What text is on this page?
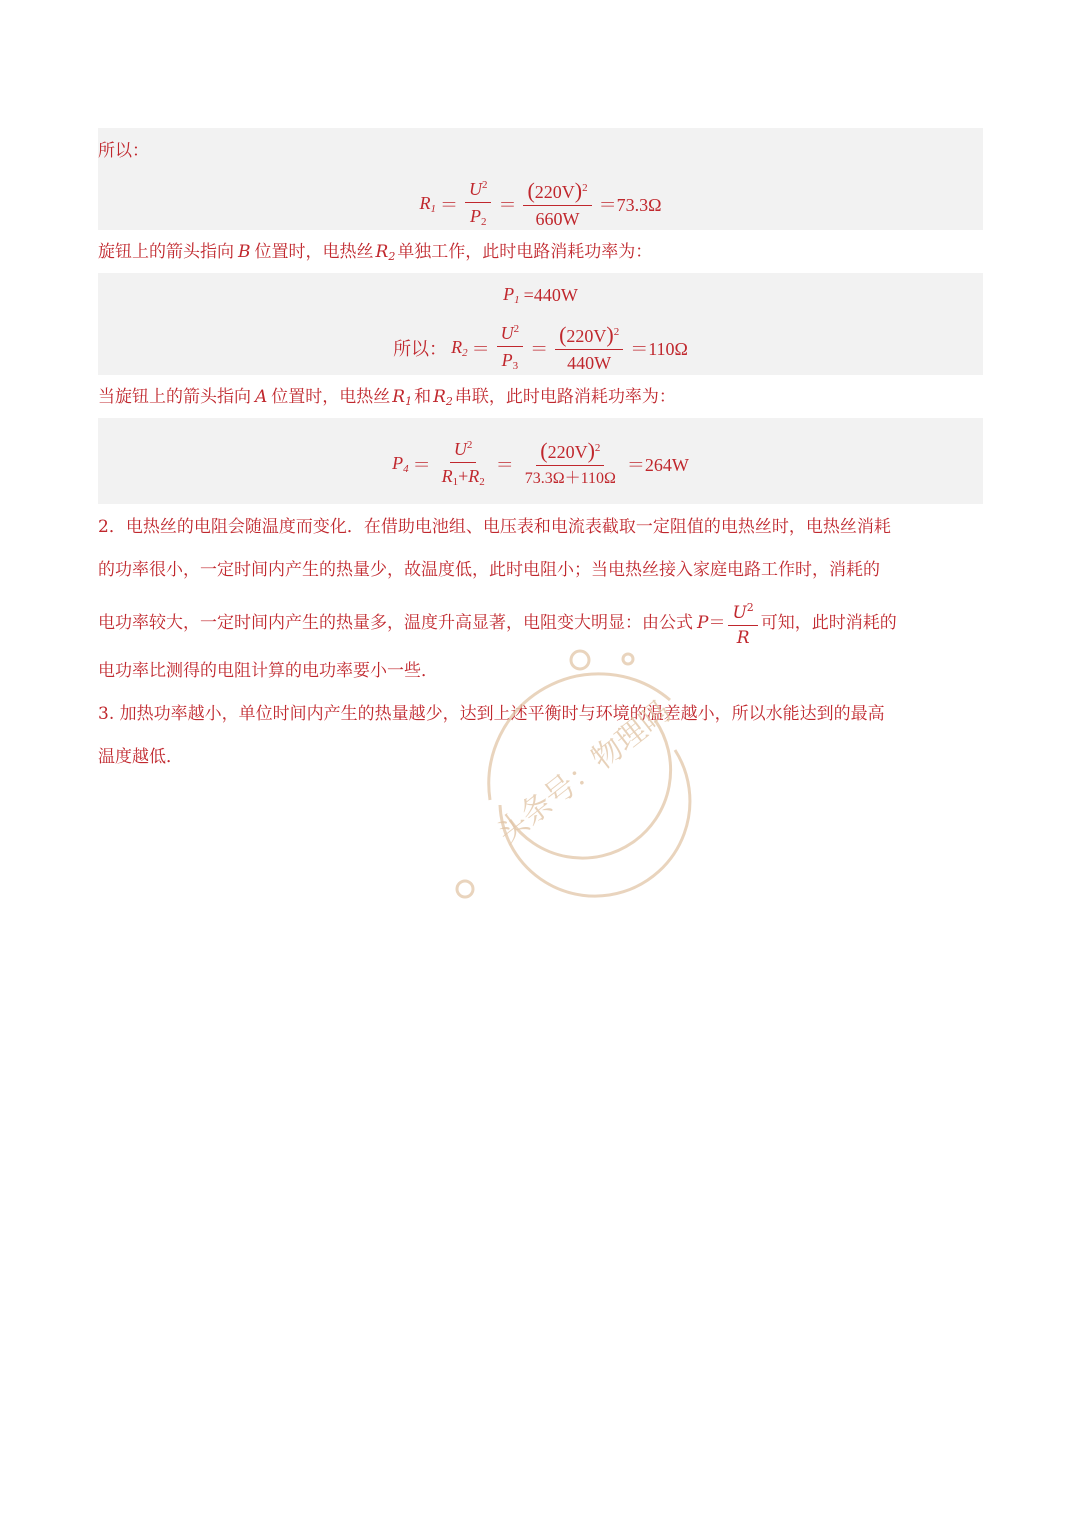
所以：
$R_1 = \frac{U^2}{P_2} = \frac{(220V)^2}{660W} =73.3\Omega$
旋钮上的箭头指向 B 位置时，电热丝 $R_2$ 单独工作，此时电路消耗功率为：
$P_1 =440W$
所以： $R_2 = \frac{U^2}{P_3} = \frac{(220V)^2}{440W} =110\Omega$
当旋钮上的箭头指向 A 位置时，电热丝 $R_1$ 和 $R_2$ 串联，此时电路消耗功率为：
$P_4 = \frac{U^2}{R_1+R_2} = \frac{(220V)^2}{73.3\Omega+110\Omega} =264W$
2．电热丝的电阻会随温度而变化．在借助电池组、电压表和电流表截取一定阻值的电热丝时，电热丝消耗
的功率很小，一定时间内产生的热量少，故温度低，此时电阻小；当电热丝接入家庭电路工作时，消耗的
电功率较大，一定时间内产生的热量多，温度升高显著，电阻变大明显：由公式 $P = \frac{U^2}{R}$ 可知，此时消耗的
电功率比测得的电阻计算的电功率要小一些．
3. 加热功率越小，单位时间内产生的热量越少，达到上述平衡时与环境的温差越小，所以水能达到的最高
温度越低．	头条号：物理吗
